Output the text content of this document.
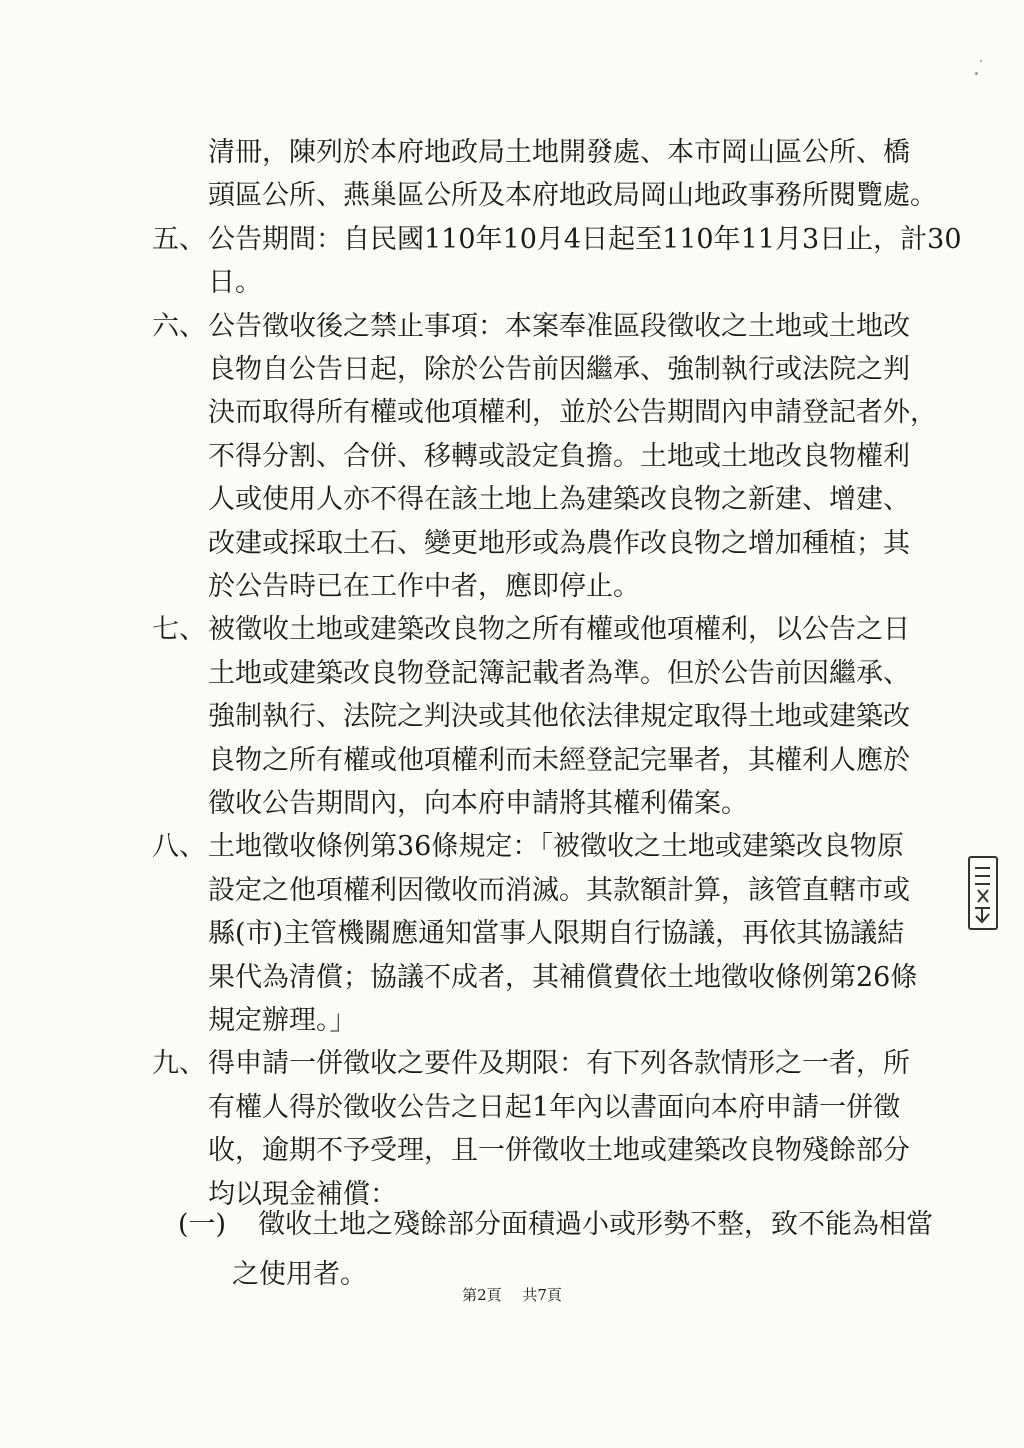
清冊，陳列於本府地政局土地開發處、本市岡山區公所、橋
頭區公所、燕巢區公所及本府地政局岡山地政事務所閱覽處。
五、 公告期間：自民國110年10月4日起至110年11月3日止，計30
日。
六、 公告徵收後之禁止事項：本案奉准區段徵收之土地或土地改
良物自公告日起，除於公告前因繼承、強制執行或法院之判
決而取得所有權或他項權利，並於公告期間內申請登記者外，
不得分割、合併、移轉或設定負擔。土地或土地改良物權利
人或使用人亦不得在該土地上為建築改良物之新建、增建、
改建或採取土石、變更地形或為農作改良物之增加種植；其
於公告時已在工作中者，應即停止。
七、 被徵收土地或建築改良物之所有權或他項權利，以公告之日
土地或建築改良物登記簿記載者為準。但於公告前因繼承、
強制執行、法院之判決或其他依法律規定取得土地或建築改
良物之所有權或他項權利而未經登記完畢者，其權利人應於
徵收公告期間內，向本府申請將其權利備案。
八、 土地徵收條例第36條規定：「被徵收之土地或建築改良物原
設定之他項權利因徵收而消滅。其款額計算，該管直轄市或
縣(市)主管機關應通知當事人限期自行協議，再依其協議結
果代為清償；協議不成者，其補償費依土地徵收條例第26條
規定辦理。」
九、 得申請一併徵收之要件及期限：有下列各款情形之一者，所
有權人得於徵收公告之日起1年內以書面向本府申請一併徵
收，逾期不予受理，且一併徵收土地或建築改良物殘餘部分
均以現金補償：
(一) 徵收土地之殘餘部分面積過小或形勢不整，致不能為相當
之使用者。
第2頁 共7頁
